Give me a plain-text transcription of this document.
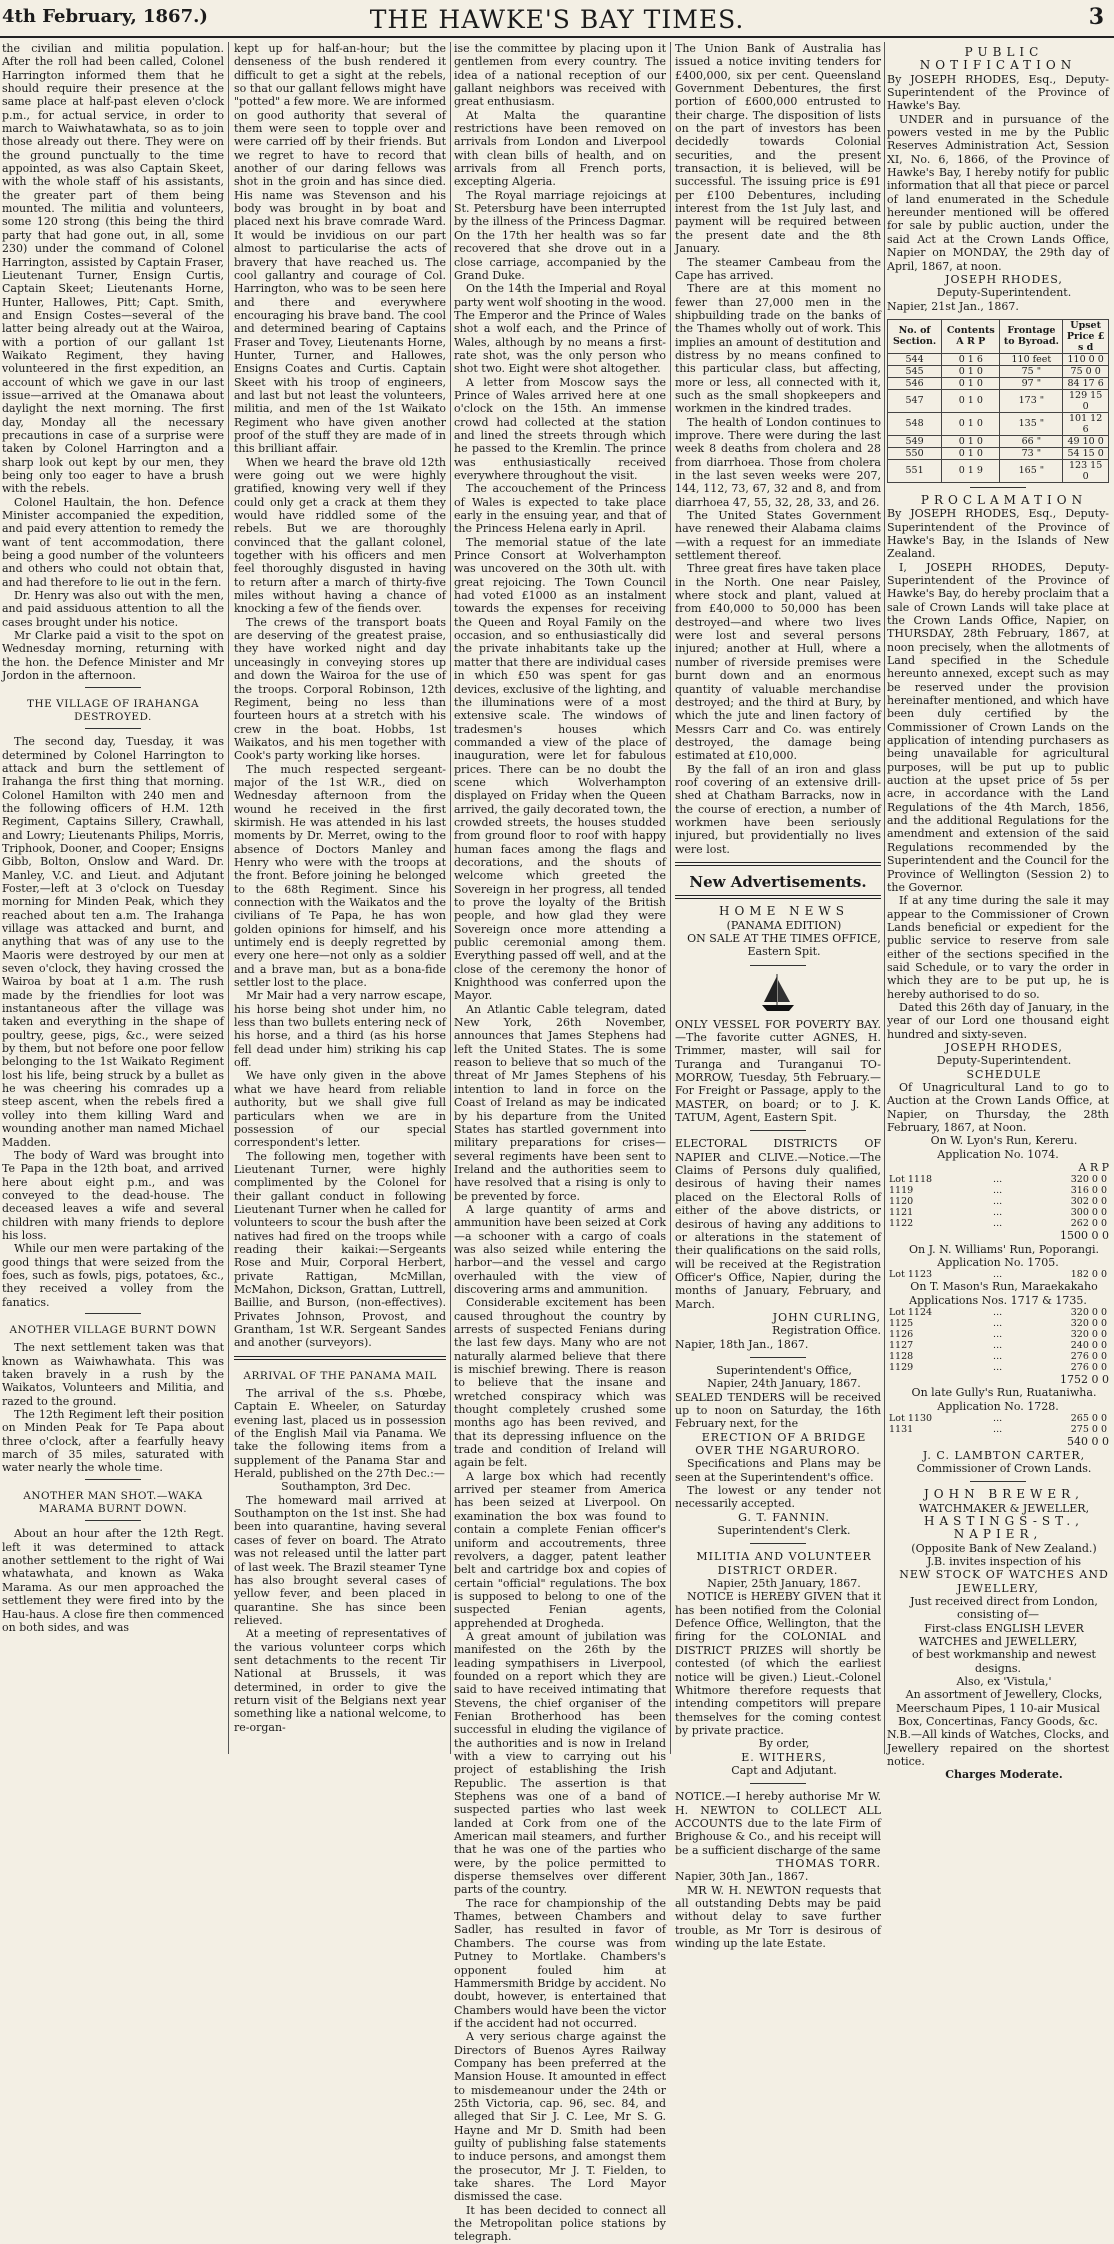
4th February, 1867.)	THE HAWKE'S BAY TIMES.	3

the civilian and militia population. After the roll had been called, Colonel Harrington informed them that he should require their presence at the same place at half-past eleven o'clock p.m., for actual service, in order to march to Waiwhatawhata, so as to join those already out there. They were on the ground punctually to the time appointed, as was also Captain Skeet, with the whole staff of his assistants, the greater part of them being mounted. The militia and volunteers, some 120 strong (this being the third party that had gone out, in all, some 230) under the command of Colonel Harrington, assisted by Captain Fraser, Lieutenant Turner, Ensign Curtis, Captain Skeet; Lieutenants Horne, Hunter, Hallowes, Pitt; Capt. Smith, and Ensign Costes—several of the latter being already out at the Wairoa, with a portion of our gallant 1st Waikato Regiment, they having volunteered in the first expedition, an account of which we gave in our last issue—arrived at the Omanawa about daylight the next morning. The first day, Monday all the necessary precautions in case of a surprise were taken by Colonel Harrington and a sharp look out kept by our men, they being only too eager to have a brush with the rebels.

Colonel Haultain, the hon. Defence Minister accompanied the expedition, and paid every attention to remedy the want of tent accommodation, there being a good number of the volunteers and others who could not obtain that, and had therefore to lie out in the fern.

Dr. Henry was also out with the men, and paid assiduous attention to all the cases brought under his notice.

Mr Clarke paid a visit to the spot on Wednesday morning, returning with the hon. the Defence Minister and Mr Jordon in the afternoon.

THE VILLAGE OF IRAHANGA DESTROYED.

The second day, Tuesday, it was determined by Colonel Harrington to attack and burn the settlement of Irahanga the first thing that morning. Colonel Hamilton with 240 men and the following officers of H.M. 12th Regiment, Captains Sillery, Crawhall, and Lowry; Lieutenants Philips, Morris, Triphook, Dooner, and Cooper; Ensigns Gibb, Bolton, Onslow and Ward. Dr. Manley, V.C. and Lieut. and Adjutant Foster,—left at 3 o'clock on Tuesday morning for Minden Peak, which they reached about ten a.m. The Irahanga village was attacked and burnt, and anything that was of any use to the Maoris were destroyed by our men at seven o'clock, they having crossed the Wairoa by boat at 1 a.m. The rush made by the friendlies for loot was instantaneous after the village was taken and everything in the shape of poultry, geese, pigs, &c., were seized by them, but not before one poor fellow belonging to the 1st Waikato Regiment lost his life, being struck by a bullet as he was cheering his comrades up a steep ascent, when the rebels fired a volley into them killing Ward and wounding another man named Michael Madden.

The body of Ward was brought into Te Papa in the 12th boat, and arrived here about eight p.m., and was conveyed to the dead-house. The deceased leaves a wife and several children with many friends to deplore his loss.

While our men were partaking of the good things that were seized from the foes, such as fowls, pigs, potatoes, &c., they received a volley from the fanatics.

ANOTHER VILLAGE BURNT DOWN

The next settlement taken was that known as Waiwhawhata. This was taken bravely in a rush by the Waikatos, Volunteers and Militia, and razed to the ground.

The 12th Regiment left their position on Minden Peak for Te Papa about three o'clock, after a fearfully heavy march of 35 miles, saturated with water nearly the whole time.

ANOTHER MAN SHOT.—WAKA MARAMA BURNT DOWN.

About an hour after the 12th Regt. left it was determined to attack another settlement to the right of Wai whatawhata, and known as Waka Marama. As our men approached the settlement they were fired into by the Hau-haus. A close fire then commenced on both sides, and was

kept up for half-an-hour; but the denseness of the bush rendered it difficult to get a sight at the rebels, so that our gallant fellows might have "potted" a few more. We are informed on good authority that several of them were seen to topple over and were carried off by their friends. But we regret to have to record that another of our daring fellows was shot in the groin and has since died. His name was Stevenson and his body was brought in by boat and placed next his brave comrade Ward. It would be invidious on our part almost to particularise the acts of bravery that have reached us. The cool gallantry and courage of Col. Harrington, who was to be seen here and there and everywhere encouraging his brave band. The cool and determined bearing of Captains Fraser and Tovey, Lieutenants Horne, Hunter, Turner, and Hallowes, Ensigns Coates and Curtis. Captain Skeet with his troop of engineers, and last but not least the volunteers, militia, and men of the 1st Waikato Regiment who have given another proof of the stuff they are made of in this brilliant affair.

When we heard the brave old 12th were going out we were highly gratified, knowing very well if they could only get a crack at them they would have riddled some of the rebels. But we are thoroughly convinced that the gallant colonel, together with his officers and men feel thoroughly disgusted in having to return after a march of thirty-five miles without having a chance of knocking a few of the fiends over.

The crews of the transport boats are deserving of the greatest praise, they have worked night and day unceasingly in conveying stores up and down the Wairoa for the use of the troops. Corporal Robinson, 12th Regiment, being no less than fourteen hours at a stretch with his crew in the boat. Hobbs, 1st Waikatos, and his men together with Cook's party working like horses.

The much respected sergeant-major of the 1st W.R., died on Wednesday afternoon from the wound he received in the first skirmish. He was attended in his last moments by Dr. Merret, owing to the absence of Doctors Manley and Henry who were with the troops at the front. Before joining he belonged to the 68th Regiment. Since his connection with the Waikatos and the civilians of Te Papa, he has won golden opinions for himself, and his untimely end is deeply regretted by every one here—not only as a soldier and a brave man, but as a bona-fide settler lost to the place.

Mr Mair had a very narrow escape, his horse being shot under him, no less than two bullets entering neck of his horse, and a third (as his horse fell dead under him) striking his cap off.

We have only given in the above what we have heard from reliable authority, but we shall give full particulars when we are in possession of our special correspondent's letter.

The following men, together with Lieutenant Turner, were highly complimented by the Colonel for their gallant conduct in following Lieutenant Turner when he called for volunteers to scour the bush after the natives had fired on the troops while reading their kaikai:—Sergeants Rose and Muir, Corporal Herbert, private Rattigan, McMillan, McMahon, Dickson, Grattan, Luttrell, Baillie, and Burson, (non-effectives). Privates Johnson, Provost, and Grantham, 1st W.R. Sergeant Sandes and another (surveyors).

ARRIVAL OF THE PANAMA MAIL

The arrival of the s.s. Phœbe, Captain E. Wheeler, on Saturday evening last, placed us in possession of the English Mail via Panama. We take the following items from a supplement of the Panama Star and Herald, published on the 27th Dec.:—

Southampton, 3rd Dec.

The homeward mail arrived at Southampton on the 1st inst. She had been into quarantine, having several cases of fever on board. The Atrato was not released until the latter part of last week. The Brazil steamer Tyne has also brought several cases of yellow fever, and been placed in quarantine. She has since been relieved.

At a meeting of representatives of the various volunteer corps which sent detachments to the recent Tir National at Brussels, it was determined, in order to give the return visit of the Belgians next year something like a national welcome, to re-organ-

ise the committee by placing upon it gentlemen from every country. The idea of a national reception of our gallant neighbors was received with great enthusiasm.

At Malta the quarantine restrictions have been removed on arrivals from London and Liverpool with clean bills of health, and on arrivals from all French ports, excepting Algeria.

The Royal marriage rejoicings at St. Petersburg have been interrupted by the illness of the Princess Dagmar. On the 17th her health was so far recovered that she drove out in a close carriage, accompanied by the Grand Duke.

On the 14th the Imperial and Royal party went wolf shooting in the wood. The Emperor and the Prince of Wales shot a wolf each, and the Prince of Wales, although by no means a first-rate shot, was the only person who shot two. Eight were shot altogether.

A letter from Moscow says the Prince of Wales arrived here at one o'clock on the 15th. An immense crowd had collected at the station and lined the streets through which he passed to the Kremlin. The prince was enthusiastically received everywhere throughout the visit.

The accouchement of the Princess of Wales is expected to take place early in the ensuing year, and that of the Princess Helena early in April.

The memorial statue of the late Prince Consort at Wolverhampton was uncovered on the 30th ult. with great rejoicing. The Town Council had voted £1000 as an instalment towards the expenses for receiving the Queen and Royal Family on the occasion, and so enthusiastically did the private inhabitants take up the matter that there are individual cases in which £50 was spent for gas devices, exclusive of the lighting, and the illuminations were of a most extensive scale. The windows of tradesmen's houses which commanded a view of the place of inauguration, were let for fabulous prices. There can be no doubt the scene which Wolverhampton displayed on Friday when the Queen arrived, the gaily decorated town, the crowded streets, the houses studded from ground floor to roof with happy human faces among the flags and decorations, and the shouts of welcome which greeted the Sovereign in her progress, all tended to prove the loyalty of the British people, and how glad they were Sovereign once more attending a public ceremonial among them. Everything passed off well, and at the close of the ceremony the honor of Knighthood was conferred upon the Mayor.

An Atlantic Cable telegram, dated New York, 26th November, announces that James Stephens had left the United States. The is some reason to believe that so much of the threat of Mr James Stephens of his intention to land in force on the Coast of Ireland as may be indicated by his departure from the United States has startled government into military preparations for crises—several regiments have been sent to Ireland and the authorities seem to have resolved that a rising is only to be prevented by force.

A large quantity of arms and ammunition have been seized at Cork—a schooner with a cargo of coals was also seized while entering the harbor—and the vessel and cargo overhauled with the view of discovering arms and ammunition.

Considerable excitement has been caused throughout the country by arrests of suspected Fenians during the last few days. Many who are not naturally alarmed believe that there is mischief brewing. There is reason to believe that the insane and wretched conspiracy which was thought completely crushed some months ago has been revived, and that its depressing influence on the trade and condition of Ireland will again be felt.

A large box which had recently arrived per steamer from America has been seized at Liverpool. On examination the box was found to contain a complete Fenian officer's uniform and accoutrements, three revolvers, a dagger, patent leather belt and cartridge box and copies of certain "official" regulations. The box is supposed to belong to one of the suspected Fenian agents, apprehended at Drogheda.

A great amount of jubilation was manifested on the 26th by the leading sympathisers in Liverpool, founded on a report which they are said to have received intimating that Stevens, the chief organiser of the Fenian Brotherhood has been successful in eluding the vigilance of the authorities and is now in Ireland with a view to carrying out his project of establishing the Irish Republic. The assertion is that Stephens was one of a band of suspected parties who last week landed at Cork from one of the American mail steamers, and further that he was one of the parties who were, by the police permitted to disperse themselves over different parts of the country.

The race for championship of the Thames, between Chambers and Sadler, has resulted in favor of Chambers. The course was from Putney to Mortlake. Chambers's opponent fouled him at Hammersmith Bridge by accident. No doubt, however, is entertained that Chambers would have been the victor if the accident had not occurred.

A very serious charge against the Directors of Buenos Ayres Railway Company has been preferred at the Mansion House. It amounted in effect to misdemeanour under the 24th or 25th Victoria, cap. 96, sec. 84, and alleged that Sir J. C. Lee, Mr S. G. Hayne and Mr D. Smith had been guilty of publishing false statements to induce persons, and amongst them the prosecutor, Mr J. T. Fielden, to take shares. The Lord Mayor dismissed the case.

It has been decided to connect all the Metropolitan police stations by telegraph.

The Union Bank of Australia has issued a notice inviting tenders for £400,000, six per cent. Queensland Government Debentures, the first portion of £600,000 entrusted to their charge. The disposition of lists on the part of investors has been decidedly towards Colonial securities, and the present transaction, it is believed, will be successful. The issuing price is £91 per £100 Debentures, including interest from the 1st July last, and payment will be required between the present date and the 8th January.

The steamer Cambeau from the Cape has arrived.

There are at this moment no fewer than 27,000 men in the shipbuilding trade on the banks of the Thames wholly out of work. This implies an amount of destitution and distress by no means confined to this particular class, but affecting, more or less, all connected with it, such as the small shopkeepers and workmen in the kindred trades.

The health of London continues to improve. There were during the last week 8 deaths from cholera and 28 from diarrhoea. Those from cholera in the last seven weeks were 207, 144, 112, 73, 67, 32 and 8, and from diarrhoea 47, 55, 32, 28, 33, and 26.

The United States Government have renewed their Alabama claims—with a request for an immediate settlement thereof.

Three great fires have taken place in the North. One near Paisley, where stock and plant, valued at from £40,000 to 50,000 has been destroyed—and where two lives were lost and several persons injured; another at Hull, where a number of riverside premises were burnt down and an enormous quantity of valuable merchandise destroyed; and the third at Bury, by which the jute and linen factory of Messrs Carr and Co. was entirely destroyed, the damage being estimated at £10,000.

By the fall of an iron and glass roof covering of an extensive drill-shed at Chatham Barracks, now in the course of erection, a number of workmen have been seriously injured, but providentially no lives were lost.

New Advertisements.

HOME NEWS

(PANAMA EDITION)

ON SALE AT THE TIMES OFFICE,

Eastern Spit.

ONLY VESSEL FOR POVERTY BAY.—The favorite cutter AGNES, H. Trimmer, master, will sail for Turanga and Turanganui TO-MORROW, Tuesday, 5th February.—For Freight or Passage, apply to the MASTER, on board; or to J. K. TATUM, Agent, Eastern Spit.

ELECTORAL DISTRICTS OF NAPIER and CLIVE.—Notice.—The Claims of Persons duly qualified, desirous of having their names placed on the Electoral Rolls of either of the above districts, or desirous of having any additions to or alterations in the statement of their qualifications on the said rolls, will be received at the Registration Officer's Office, Napier, during the months of January, February, and March.

JOHN CURLING,

Registration Office.

Napier, 18th Jan., 1867.

Superintendent's Office,

Napier, 24th January, 1867.

SEALED TENDERS will be received up to noon on Saturday, the 16th February next, for the

ERECTION OF A BRIDGE OVER THE NGARURORO.

Specifications and Plans may be seen at the Superintendent's office.

The lowest or any tender not necessarily accepted.

G. T. FANNIN.

Superintendent's Clerk.

MILITIA AND VOLUNTEER DISTRICT ORDER.

Napier, 25th January, 1867.

NOTICE is HEREBY GIVEN that it has been notified from the Colonial Defence Office, Wellington, that the firing for the COLONIAL and DISTRICT PRIZES will shortly be contested (of which the earliest notice will be given.) Lieut.-Colonel Whitmore therefore requests that intending competitors will prepare themselves for the coming contest by private practice.

By order,

E. WITHERS,

Capt and Adjutant.

NOTICE.—I hereby authorise Mr W. H. NEWTON to COLLECT ALL ACCOUNTS due to the late Firm of Brighouse & Co., and his receipt will be a sufficient discharge of the same

THOMAS TORR.

Napier, 30th Jan., 1867.

MR W. H. NEWTON requests that all outstanding Debts may be paid without delay to save further trouble, as Mr Torr is desirous of winding up the late Estate.

PUBLIC NOTIFICATION

By JOSEPH RHODES, Esq., Deputy-Superintendent of the Province of Hawke's Bay.

UNDER and in pursuance of the powers vested in me by the Public Reserves Administration Act, Session XI, No. 6, 1866, of the Province of Hawke's Bay, I hereby notify for public information that all that piece or parcel of land enumerated in the Schedule hereunder mentioned will be offered for sale by public auction, under the said Act at the Crown Lands Office, Napier on MONDAY, the 29th day of April, 1867, at noon.

JOSEPH RHODES,

Deputy-Superintendent.

Napier, 21st Jan., 1867.

No. of Section.	Contents A R P	Frontage to Byroad.	Upset Price £ s d
544	0 1 6	110 feet	110 0 0
545	0 1 0	75 "	75 0 0
546	0 1 0	97 "	84 17 6
547	0 1 0	173 "	129 15 0
548	0 1 0	135 "	101 12 6
549	0 1 0	66 "	49 10 0
550	0 1 0	73 "	54 15 0
551	0 1 9	165 "	123 15 0

PROCLAMATION

By JOSEPH RHODES, Esq., Deputy-Superintendent of the Province of Hawke's Bay, in the Islands of New Zealand.

I, JOSEPH RHODES, Deputy-Superintendent of the Province of Hawke's Bay, do hereby proclaim that a sale of Crown Lands will take place at the Crown Lands Office, Napier, on THURSDAY, 28th February, 1867, at noon precisely, when the allotments of Land specified in the Schedule hereunto annexed, except such as may be reserved under the provision hereinafter mentioned, and which have been duly certified by the Commissioner of Crown Lands on the application of intending purchasers as being unavailable for agricultural purposes, will be put up to public auction at the upset price of 5s per acre, in accordance with the Land Regulations of the 4th March, 1856, and the additional Regulations for the amendment and extension of the said Regulations recommended by the Superintendent and the Council for the Province of Wellington (Session 2) to the Governor.

If at any time during the sale it may appear to the Commissioner of Crown Lands beneficial or expedient for the public service to reserve from sale either of the sections specified in the said Schedule, or to vary the order in which they are to be put up, he is hereby authorised to do so.

Dated this 26th day of January, in the year of our Lord one thousand eight hundred and sixty-seven.

JOSEPH RHODES,

Deputy-Superintendent.

SCHEDULE

Of Unagricultural Land to go to Auction at the Crown Lands Office, at Napier, on Thursday, the 28th February, 1867, at Noon.

On W. Lyon's Run, Kereru. Application No. 1074.

A R P

Lot 1118	...	320 0 0
1119	...	316 0 0
1120	...	302 0 0
1121	...	300 0 0
1122	...	262 0 0

1500 0 0

On J. N. Williams' Run, Poporangi. Application No. 1705.

Lot 1123	...	182 0 0

On T. Mason's Run, Maraekakaho Applications Nos. 1717 & 1735.

Lot 1124	...	320 0 0
1125	...	320 0 0
1126	...	320 0 0
1127	...	240 0 0
1128	...	276 0 0
1129	...	276 0 0

1752 0 0

On late Gully's Run, Ruataniwha. Application No. 1728.

Lot 1130	...	265 0 0
1131	...	275 0 0

540 0 0

J. C. LAMBTON CARTER,

Commissioner of Crown Lands.

JOHN BREWER,

WATCHMAKER & JEWELLER,

HASTINGS-ST., NAPIER,

(Opposite Bank of New Zealand.)

J.B. invites inspection of his

NEW STOCK OF WATCHES AND JEWELLERY,

Just received direct from London, consisting of—

First-class ENGLISH LEVER WATCHES and JEWELLERY,

of best workmanship and newest designs.

Also, ex 'Vistula,'

An assortment of Jewellery, Clocks, Meerschaum Pipes, 1 10-air Musical Box, Concertinas, Fancy Goods, &c.

N.B.—All kinds of Watches, Clocks, and Jewellery repaired on the shortest notice.

Charges Moderate.
